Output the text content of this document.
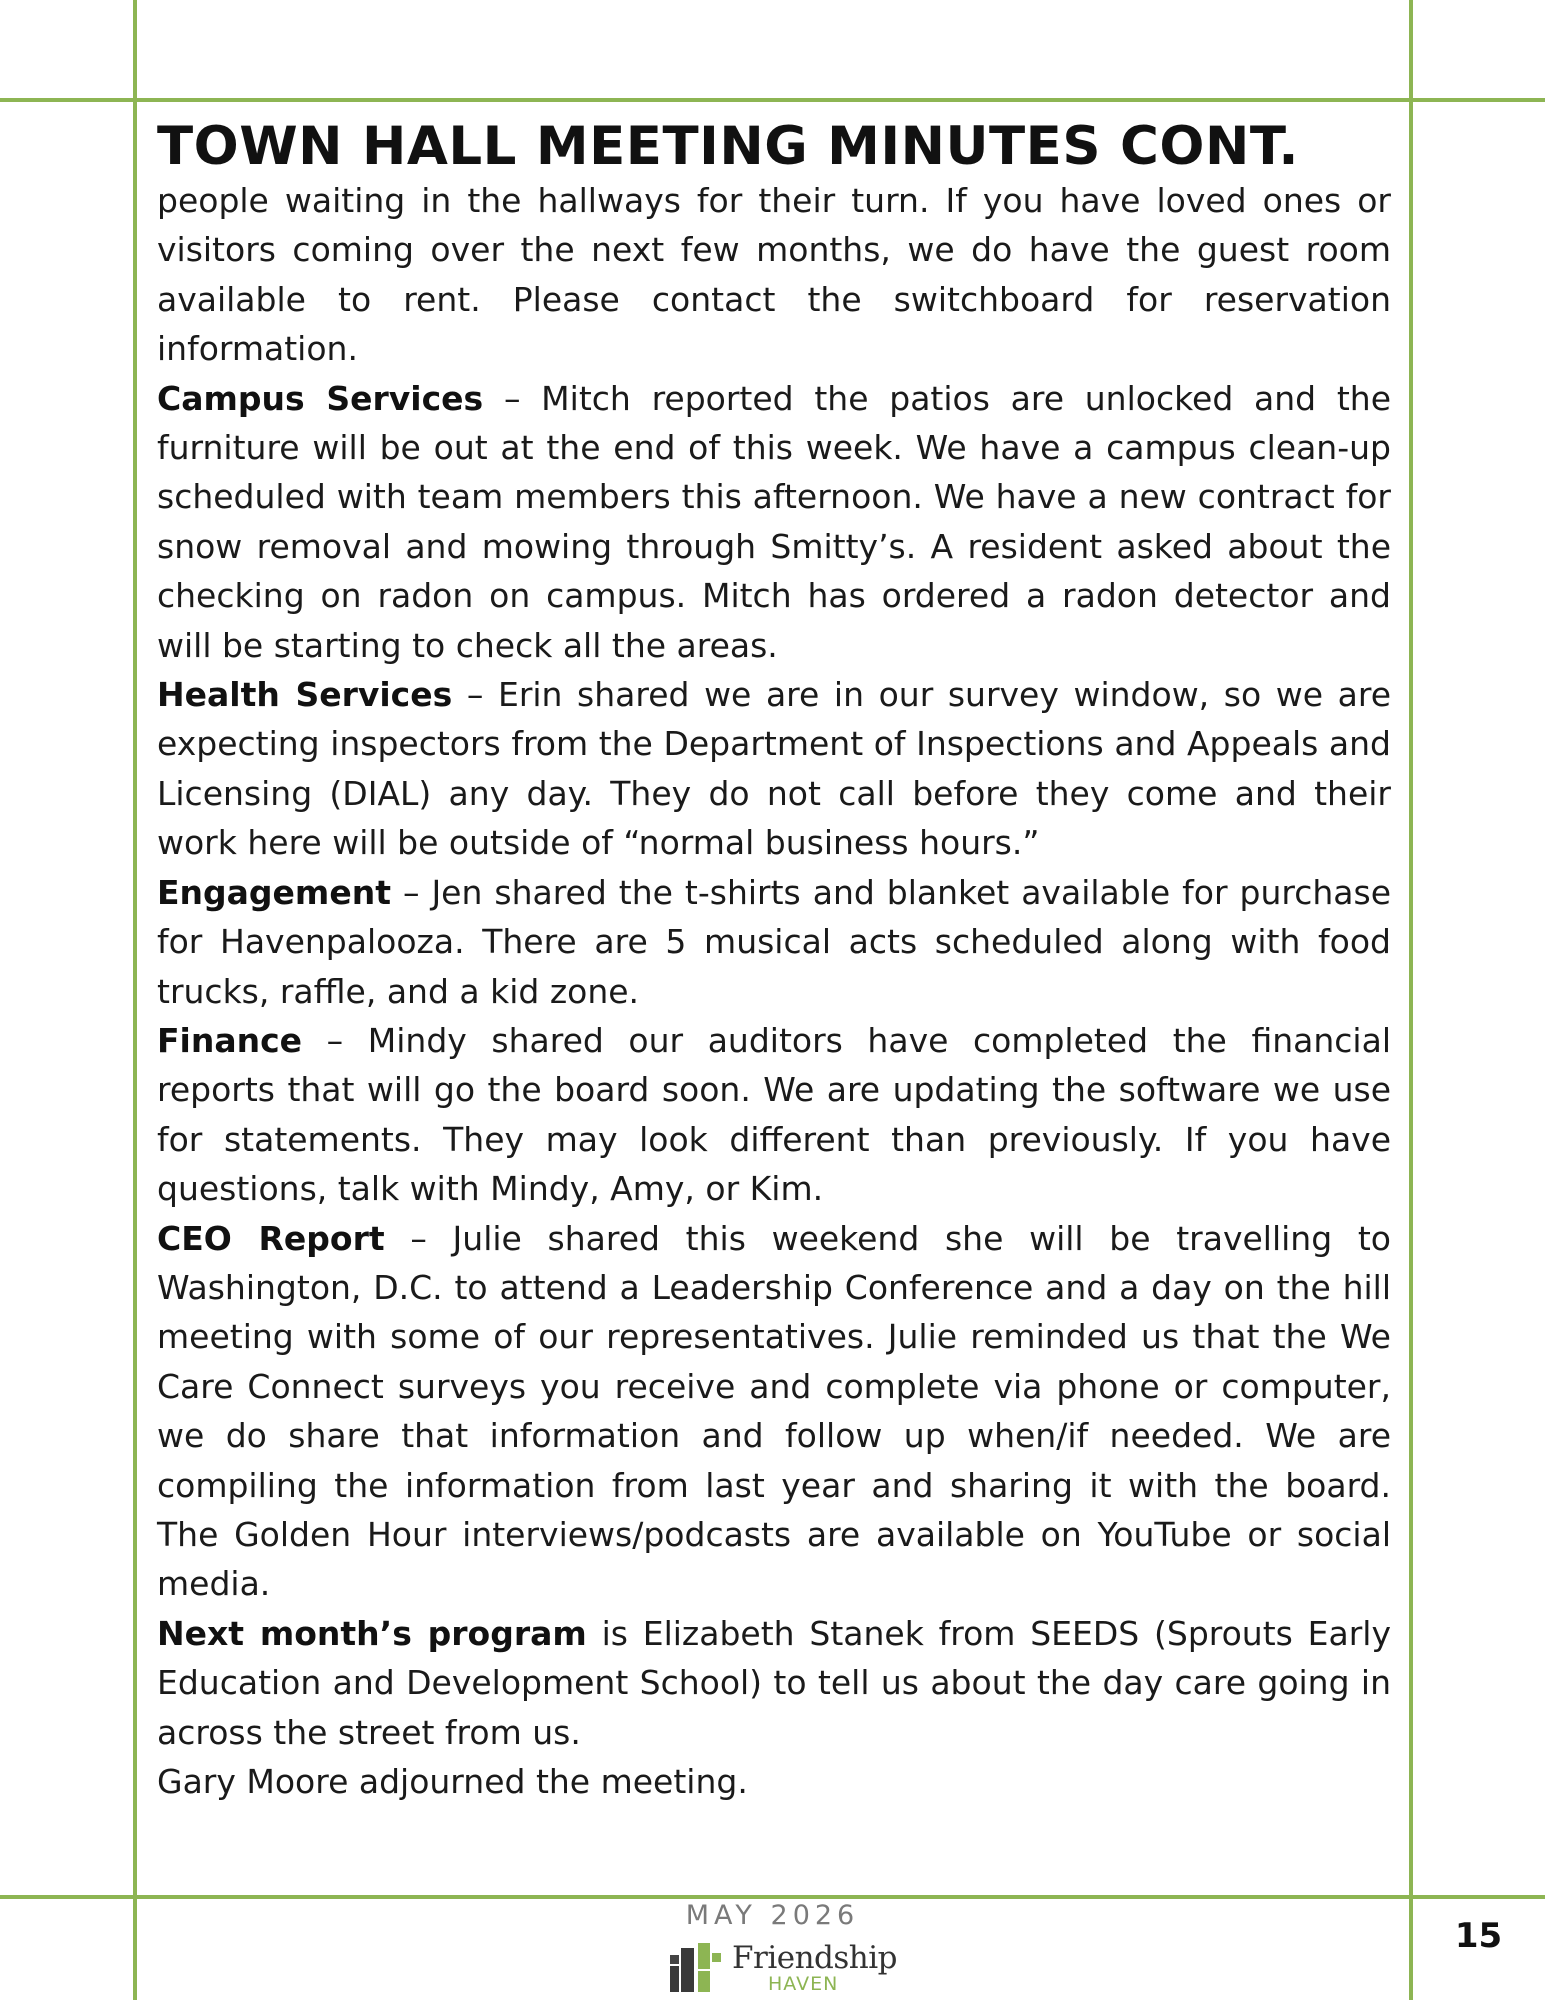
TOWN HALL MEETING MINUTES CONT.

people waiting in the hallways for their turn. If you have loved ones or visitors coming over the next few months, we do have the guest room available to rent. Please contact the switchboard for reservation information.

Campus Services – Mitch reported the patios are unlocked and the furniture will be out at the end of this week. We have a campus clean-up scheduled with team members this afternoon. We have a new contract for snow removal and mowing through Smitty’s. A resident asked about the checking on radon on campus. Mitch has ordered a radon detector and will be starting to check all the areas.

Health Services – Erin shared we are in our survey window, so we are expecting inspectors from the Department of Inspections and Appeals and Licensing (DIAL) any day. They do not call before they come and their work here will be outside of “normal business hours.”

Engagement – Jen shared the t-shirts and blanket available for purchase for Havenpalooza. There are 5 musical acts scheduled along with food trucks, raffle, and a kid zone.

Finance – Mindy shared our auditors have completed the financial reports that will go the board soon. We are updating the software we use for statements. They may look different than previously. If you have questions, talk with Mindy, Amy, or Kim.

CEO Report – Julie shared this weekend she will be travelling to Washington, D.C. to attend a Leadership Conference and a day on the hill meeting with some of our representatives. Julie reminded us that the We Care Connect surveys you receive and complete via phone or computer, we do share that information and follow up when/if needed. We are compiling the information from last year and sharing it with the board. The Golden Hour interviews/podcasts are available on YouTube or social media.

Next month’s program is Elizabeth Stanek from SEEDS (Sprouts Early Education and Development School) to tell us about the day care going in across the street from us.

Gary Moore adjourned the meeting.

MAY 2026
Friendship
HAVEN
15
